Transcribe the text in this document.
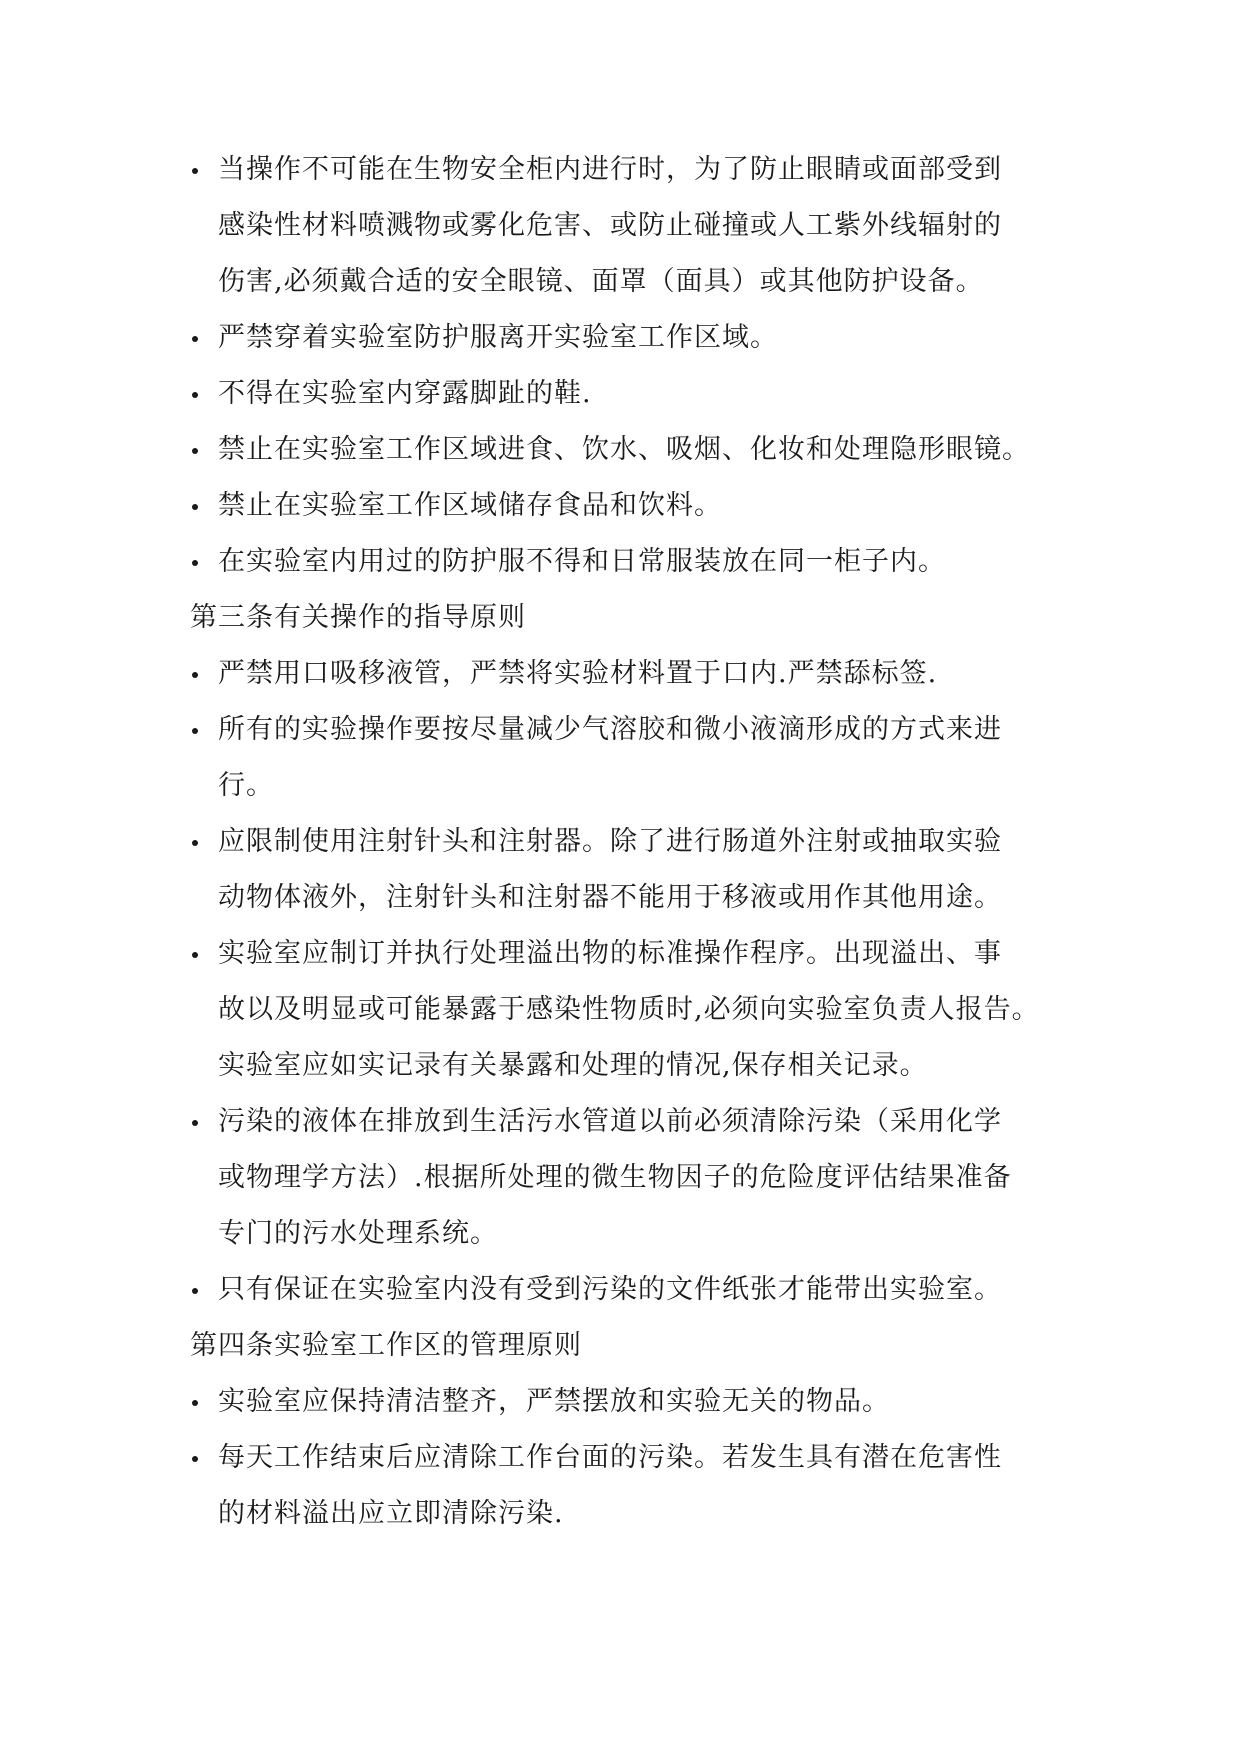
当操作不可能在生物安全柜内进行时，为了防止眼睛或面部受到
感染性材料喷溅物或雾化危害、或防止碰撞或人工紫外线辐射的
伤害,必须戴合适的安全眼镜、面罩（面具）或其他防护设备。
严禁穿着实验室防护服离开实验室工作区域。
不得在实验室内穿露脚趾的鞋.
禁止在实验室工作区域进食、饮水、吸烟、化妆和处理隐形眼镜。
禁止在实验室工作区域储存食品和饮料。
在实验室内用过的防护服不得和日常服装放在同一柜子内。
第三条有关操作的指导原则
严禁用口吸移液管，严禁将实验材料置于口内.严禁舔标签.
所有的实验操作要按尽量减少气溶胶和微小液滴形成的方式来进
行。
应限制使用注射针头和注射器。除了进行肠道外注射或抽取实验
动物体液外，注射针头和注射器不能用于移液或用作其他用途。
实验室应制订并执行处理溢出物的标准操作程序。出现溢出、事
故以及明显或可能暴露于感染性物质时,必须向实验室负责人报告。
实验室应如实记录有关暴露和处理的情况,保存相关记录。
污染的液体在排放到生活污水管道以前必须清除污染（采用化学
或物理学方法）.根据所处理的微生物因子的危险度评估结果准备
专门的污水处理系统。
只有保证在实验室内没有受到污染的文件纸张才能带出实验室。
第四条实验室工作区的管理原则
实验室应保持清洁整齐，严禁摆放和实验无关的物品。
每天工作结束后应清除工作台面的污染。若发生具有潜在危害性
的材料溢出应立即清除污染.
